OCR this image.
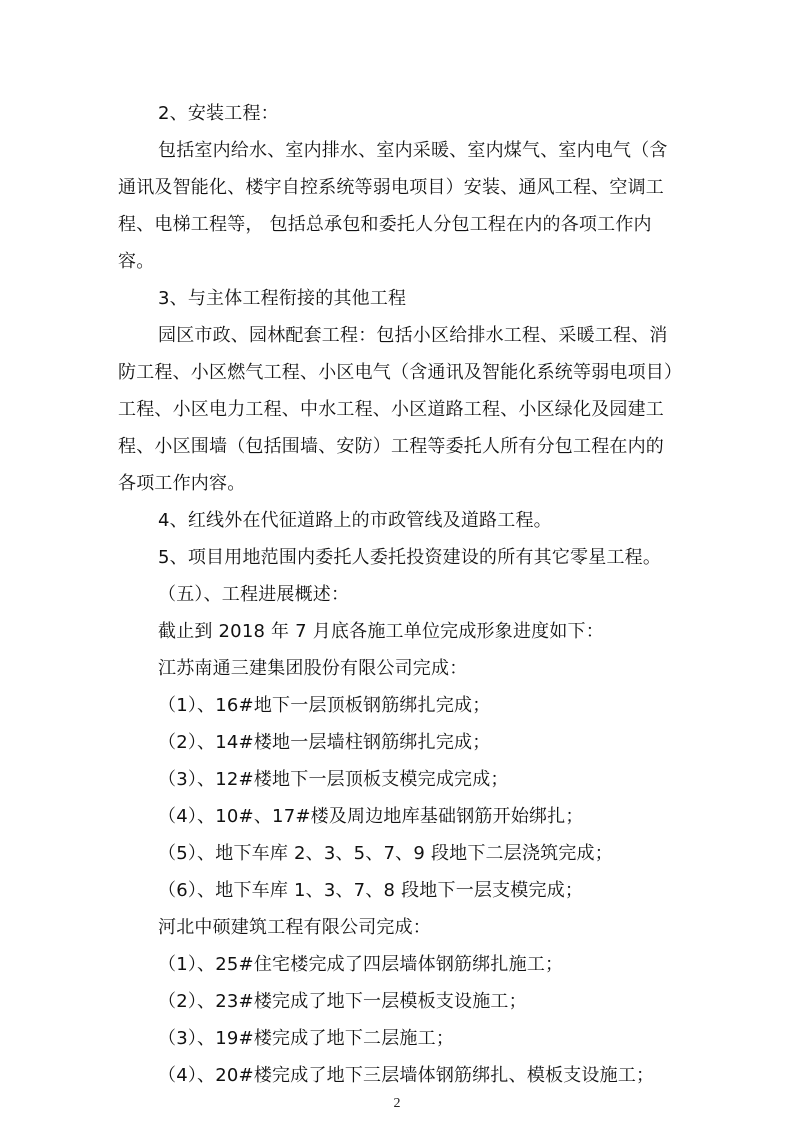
2、安装工程：
包括室内给水、室内排水、室内采暖、室内煤气、室内电气（含
通讯及智能化、楼宇自控系统等弱电项目）安装、通风工程、空调工
程、电梯工程等， 包括总承包和委托人分包工程在内的各项工作内
容。
3、与主体工程衔接的其他工程
园区市政、园林配套工程：包括小区给排水工程、采暖工程、消
防工程、小区燃气工程、小区电气（含通讯及智能化系统等弱电项目）
工程、小区电力工程、中水工程、小区道路工程、小区绿化及园建工
程、小区围墙（包括围墙、安防）工程等委托人所有分包工程在内的
各项工作内容。
4、红线外在代征道路上的市政管线及道路工程。
5、项目用地范围内委托人委托投资建设的所有其它零星工程。
（五）、工程进展概述：
截止到 2018 年 7 月底各施工单位完成形象进度如下：
江苏南通三建集团股份有限公司完成：
（1）、16#地下一层顶板钢筋绑扎完成；
（2）、14#楼地一层墙柱钢筋绑扎完成；
（3）、12#楼地下一层顶板支模完成完成；
（4）、10#、17#楼及周边地库基础钢筋开始绑扎；
（5）、地下车库 2、3、5、7、9 段地下二层浇筑完成；
（6）、地下车库 1、3、7、8 段地下一层支模完成；
河北中硕建筑工程有限公司完成：
（1）、25#住宅楼完成了四层墙体钢筋绑扎施工；
（2）、23#楼完成了地下一层模板支设施工；
（3）、19#楼完成了地下二层施工；
（4）、20#楼完成了地下三层墙体钢筋绑扎、模板支设施工；
2
